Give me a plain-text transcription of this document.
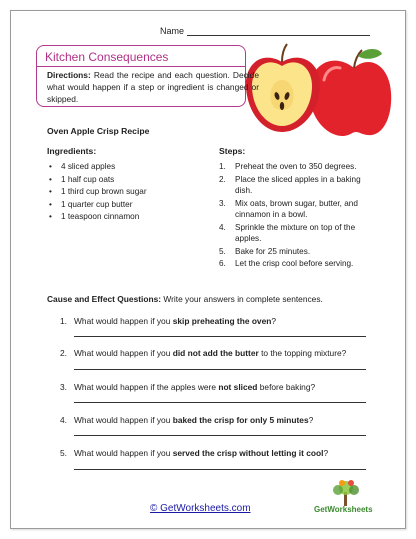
Name
Kitchen Consequences
Directions: Read the recipe and each question. Decide what would happen if a step or ingredient is changed or skipped.
Oven Apple Crisp Recipe
Ingredients:	Steps:
• 4 sliced apples
• 1 half cup oats
• 1 third cup brown sugar
• 1 quarter cup butter
• 1 teaspoon cinnamon
1. Preheat the oven to 350 degrees.
2. Place the sliced apples in a baking dish.
3. Mix oats, brown sugar, butter, and cinnamon in a bowl.
4. Sprinkle the mixture on top of the apples.
5. Bake for 25 minutes.
6. Let the crisp cool before serving.
Cause and Effect Questions: Write your answers in complete sentences.
1. What would happen if you skip preheating the oven?
2. What would happen if you did not add the butter to the topping mixture?
3. What would happen if the apples were not sliced before baking?
4. What would happen if you baked the crisp for only 5 minutes?
5. What would happen if you served the crisp without letting it cool?
© GetWorksheets.com	GetWorksheets
